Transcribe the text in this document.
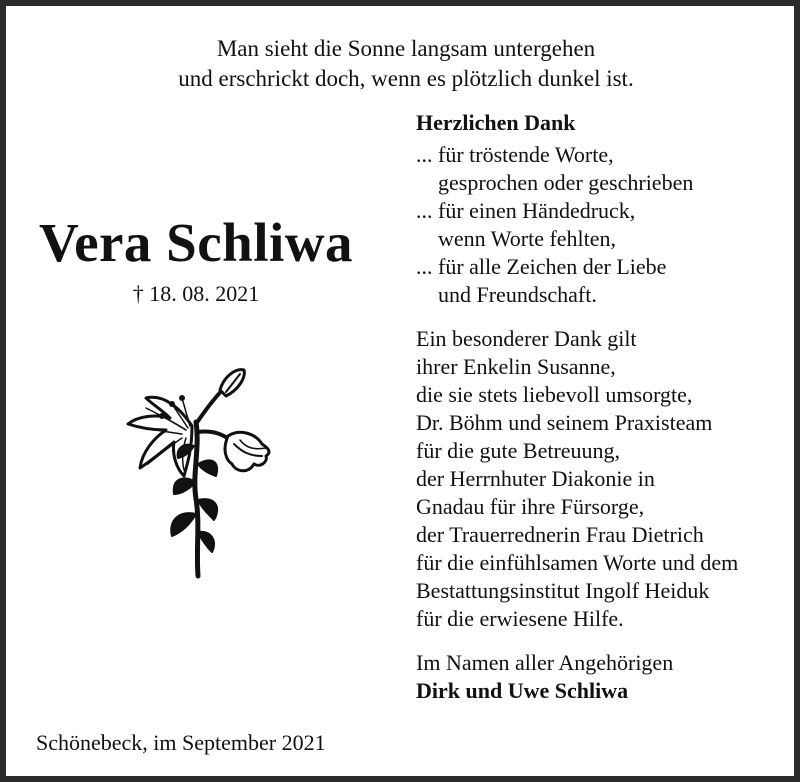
Man sieht die Sonne langsam untergehen
und erschrickt doch, wenn es plötzlich dunkel ist.
Vera Schliwa
† 18. 08. 2021
Herzlichen Dank
... für tröstende Worte,
gesprochen oder geschrieben
... für einen Händedruck,
wenn Worte fehlten,
... für alle Zeichen der Liebe
und Freundschaft.
Ein besonderer Dank gilt
ihrer Enkelin Susanne,
die sie stets liebevoll umsorgte,
Dr. Böhm und seinem Praxisteam
für die gute Betreuung,
der Herrnhuter Diakonie in
Gnadau für ihre Fürsorge,
der Trauerrednerin Frau Dietrich
für die einfühlsamen Worte und dem
Bestattungsinstitut Ingolf Heiduk
für die erwiesene Hilfe.
Im Namen aller Angehörigen
Dirk und Uwe Schliwa
Schönebeck, im September 2021
